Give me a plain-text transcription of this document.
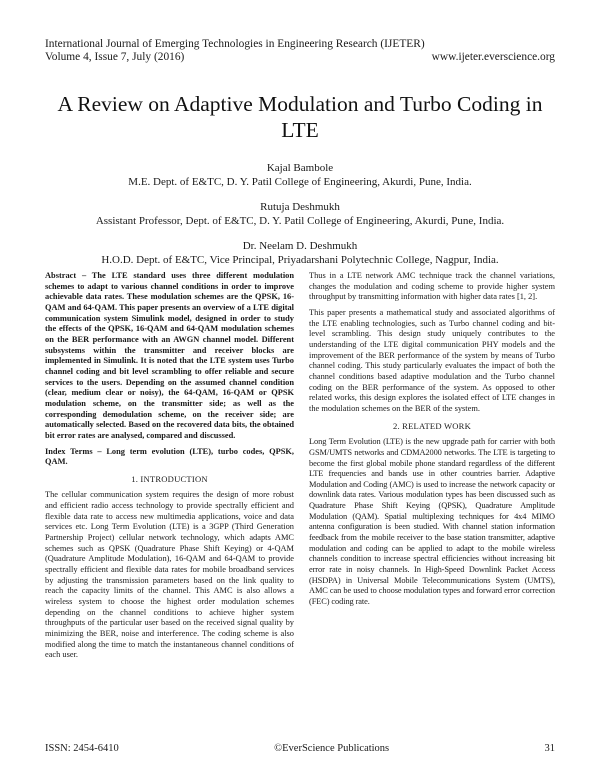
International Journal of Emerging Technologies in Engineering Research (IJETER)
Volume 4, Issue 7, July (2016)	www.ijeter.everscience.org
A Review on Adaptive Modulation and Turbo Coding in LTE
Kajal Bambole
M.E. Dept. of E&TC, D. Y. Patil College of Engineering, Akurdi, Pune, India.
Rutuja Deshmukh
Assistant Professor, Dept. of E&TC, D. Y. Patil College of Engineering, Akurdi, Pune, India.
Dr. Neelam D. Deshmukh
H.O.D. Dept. of E&TC, Vice Principal, Priyadarshani Polytechnic College, Nagpur, India.

Abstract – The LTE standard uses three different modulation schemes to adapt to various channel conditions in order to improve achievable data rates. These modulation schemes are the QPSK, 16-QAM and 64-QAM. This paper presents an overview of a LTE digital communication system Simulink model, designed in order to study the effects of the QPSK, 16-QAM and 64-QAM modulation schemes on the BER performance with an AWGN channel model. Different subsystems within the transmitter and receiver blocks are implemented in Simulink. It is noted that the LTE system uses Turbo channel coding and bit level scrambling to offer reliable and secure services to the users. Depending on the assumed channel condition (clear, medium clear or noisy), the 64-QAM, 16-QAM or QPSK modulation scheme, on the transmitter side; as well as the corresponding demodulation scheme, on the receiver side; are automatically selected. Based on the recovered data bits, the obtained bit error rates are analysed, compared and discussed.

Index Terms – Long term evolution (LTE), turbo codes, QPSK, QAM.

1. INTRODUCTION

The cellular communication system requires the design of more robust and efficient radio access technology to provide spectrally efficient and flexible data rate to access new multimedia applications, voice and data services etc. Long Term Evolution (LTE) is a 3GPP (Third Generation Partnership Project) cellular network technology, which adapts AMC schemes such as QPSK (Quadrature Phase Shift Keying) or 4-QAM (Quadrature Amplitude Modulation), 16-QAM and 64-QAM to provide spectrally efficient and flexible data rates for mobile broadband services by adjusting the transmission parameters based on the link quality to reach the capacity limits of the channel. This AMC is also allows a wireless system to choose the highest order modulation schemes depending on the channel conditions to achieve higher system throughputs of the particular user based on the received signal quality by minimizing the BER, noise and interference. The coding scheme is also modified along the time to match the instantaneous channel conditions of each user.

Thus in a LTE network AMC technique track the channel variations, changes the modulation and coding scheme to provide higher system throughput by transmitting information with higher data rates [1, 2].

This paper presents a mathematical study and associated algorithms of the LTE enabling technologies, such as Turbo channel coding and bit-level scrambling. This design study uniquely contributes to the understanding of the LTE digital communication PHY models and the improvement of the BER performance of the system by means of Turbo channel coding. This study particularly evaluates the impact of both the channel conditions based adaptive modulation and the Turbo channel coding on the BER performance of the system. As opposed to other related works, this design explores the isolated effect of LTE changes in the modulation schemes on the BER of the system.

2. RELATED WORK

Long Term Evolution (LTE) is the new upgrade path for carrier with both GSM/UMTS networks and CDMA2000 networks. The LTE is targeting to become the first global mobile phone standard regardless of the different LTE frequencies and bands use in other countries barrier. Adaptive Modulation and Coding (AMC) is used to increase the network capacity or downlink data rates. Various modulation types has been discussed such as Quadrature Phase Shift Keying (QPSK), Quadrature Amplitude Modulation (QAM). Spatial multiplexing techniques for 4x4 MIMO antenna configuration is been studied. With channel station information feedback from the mobile receiver to the base station transmitter, adaptive modulation and coding can be applied to adapt to the mobile wireless channels condition to increase spectral efficiencies without increasing bit error rate in noisy channels. In High-Speed Downlink Packet Access (HSDPA) in Universal Mobile Telecommunications System (UMTS), AMC can be used to choose modulation types and forward error correction (FEC) coding rate.

ISSN: 2454-6410	©EverScience Publications	31
